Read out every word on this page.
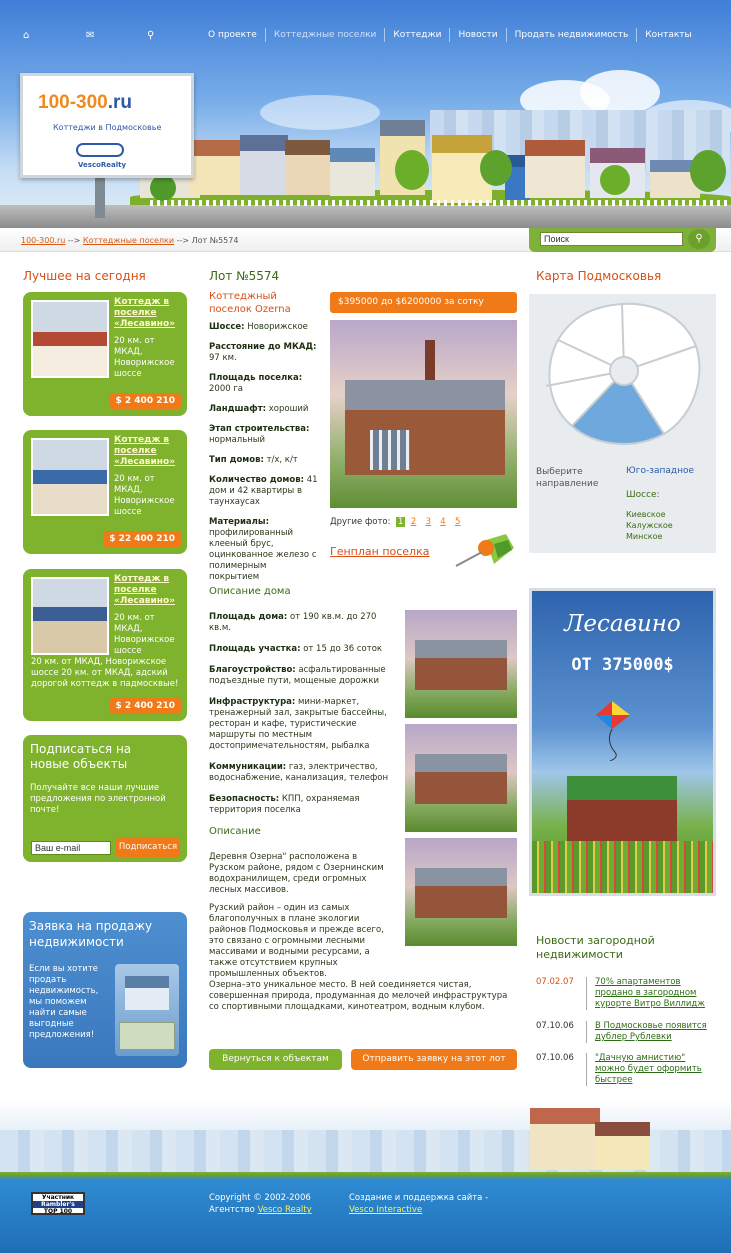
⌂	✉	⚲	О проекте	Коттеджные поселки	Коттеджи	Новости	Продать недвижимость	Контакты
100-300.ru
Коттеджи в Подмосковье
VescoRealty
100-300.ru --> Коттеджные поселки --> Лот №5574
Поиск	⚲
Лучшее на сегодня
Коттедж в поселке «Лесавино»
20 км. от МКАД, Новорижское шоссе
$ 2 400 210
Коттедж в поселке «Лесавино»
20 км. от МКАД, Новорижское шоссе
$ 22 400 210
Коттедж в поселке «Лесавино»
20 км. от МКАД, Новорижское шоссе
20 км. от МКАД, Новорижское шоссе 20 км. от МКАД, адский дорогой коттедж в падмосквые!
$ 2 400 210
Подписаться на новые объекты
Получайте все наши лучшие предложения по электронной почте!
Ваш e-mail
Подписаться
Заявка на продажу недвижимости
Если вы хотите продать недвижимость, мы поможем найти самые выгодные предложения!
Лот №5574
Коттеджный поселок Ozerna
Шоссе: Новорижское
Расстояние до МКАД: 97 км.
Площадь поселка: 2000 га
Ландшафт: хороший
Этап строительства: нормальный
Тип домов: т/х, к/т
Количество домов: 41 дом и 42 квартиры в таунхаусах
Материалы: профилированный клееный брус, оцинкованное железо с полимерным покрытием
$395000 до $6200000 за сотку
Другие фото: 1 2 3 4 5
Генплан поселка
Описание дома
Площадь дома: от 190 кв.м. до 270 кв.м.
Площадь участка: от 15 до 36 соток
Благоустройство: асфальтированные подъездные пути, мощеные дорожки
Инфраструктура: мини-маркет, тренажерный зал, закрытые бассейны, ресторан и кафе, туристические маршруты по местным достопримечательностям, рыбалка
Коммуникации: газ, электричество, водоснабжение, канализация, телефон
Безопасность: КПП, охраняемая территория поселка
Описание
Деревня Озерна" расположена в Рузском районе, рядом с Озернинским водохранилищем, среди огромных лесных массивов.
Рузский район – один из самых благополучных в плане экологии районов Подмосковья и прежде всего, это связано с огромными лесными массивами и водными ресурсами, а также отсутствием крупных промышленных объектов.
Озерна–это уникальное место. В ней соединяется чистая, совершенная природа, продуманная до мелочей инфраструктура со спортивными площадками, кинотеатром, водным клубом.
Вернуться к объектам	Отправить заявку на этот лот
Карта Подмосковья
Выберите направление
Юго-западное
Шоссе:
Киевское
Калужское
Минское
Лесавино
ОТ 375000$
Новости загородной недвижимости
07.02.07	70% апартаментов продано в загородном курорте Витро Виллидж
07.10.06	В Подмосковье появится дублер Рублевки
07.10.06	"Дачную амнистию" можно будет оформить быстрее
Участник
Rambler's
TOP 100
Copyright © 2002-2006
Агентство Vesco Realty
Создание и поддержка сайта -
Vesco Interactive
